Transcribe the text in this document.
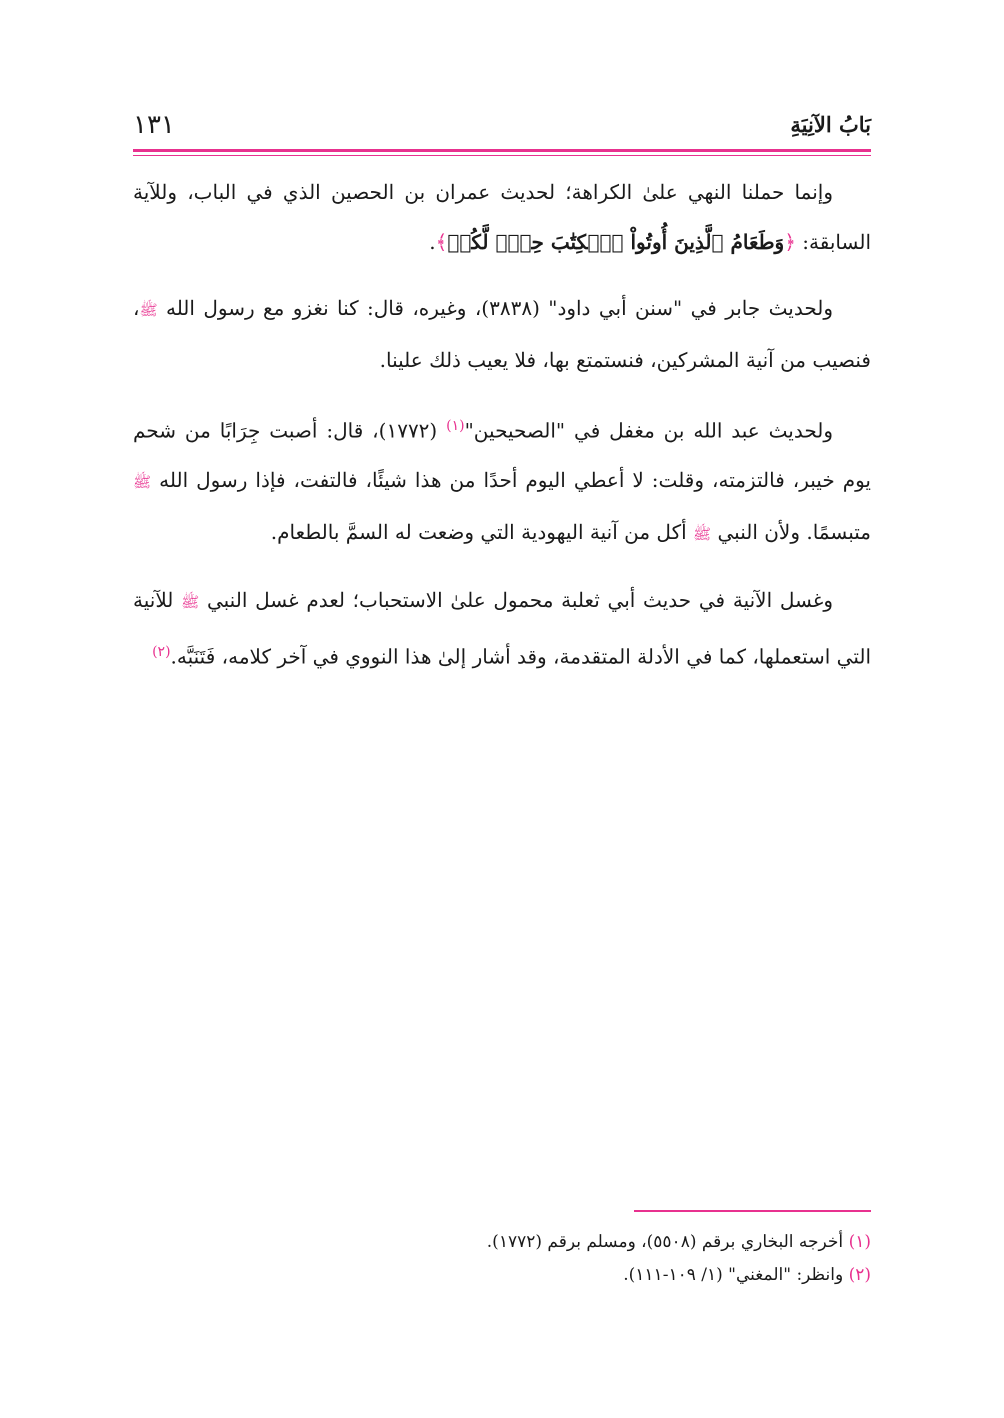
بَابُ الآنِيَةِ
١٣١

وإنما حملنا النهي علىٰ الكراهة؛ لحديث عمران بن الحصين الذي في الباب، وللآية السابقة: ﴿وَطَعَامُ ٱلَّذِينَ أُوتُواْ ٱلۡكِتَٰبَ حِلّٞ لَّكُمۡ﴾.

ولحديث جابر في "سنن أبي داود" (٣٨٣٨)، وغيره، قال: كنا نغزو مع رسول الله ﷺ، فنصيب من آنية المشركين، فنستمتع بها، فلا يعيب ذلك علينا.

ولحديث عبد الله بن مغفل في "الصحيحين"$^{(١)}$ (١٧٧٢)، قال: أصبت جِرَابًا من شحم يوم خيبر، فالتزمته، وقلت: لا أعطي اليوم أحدًا من هذا شيئًا، فالتفت، فإذا رسول الله ﷺ متبسمًا. ولأن النبي ﷺ أكل من آنية اليهودية التي وضعت له السمَّ بالطعام.

وغسل الآنية في حديث أبي ثعلبة محمول علىٰ الاستحباب؛ لعدم غسل النبي ﷺ للآنية التي استعملها، كما في الأدلة المتقدمة، وقد أشار إلىٰ هذا النووي في آخر كلامه، فَتَنَبَّه.$^{(٢)}$

(١) أخرجه البخاري برقم (٥٥٠٨)، ومسلم برقم (١٧٧٢).
(٢) وانظر: "المغني" (١/ ١٠٩-١١١).
